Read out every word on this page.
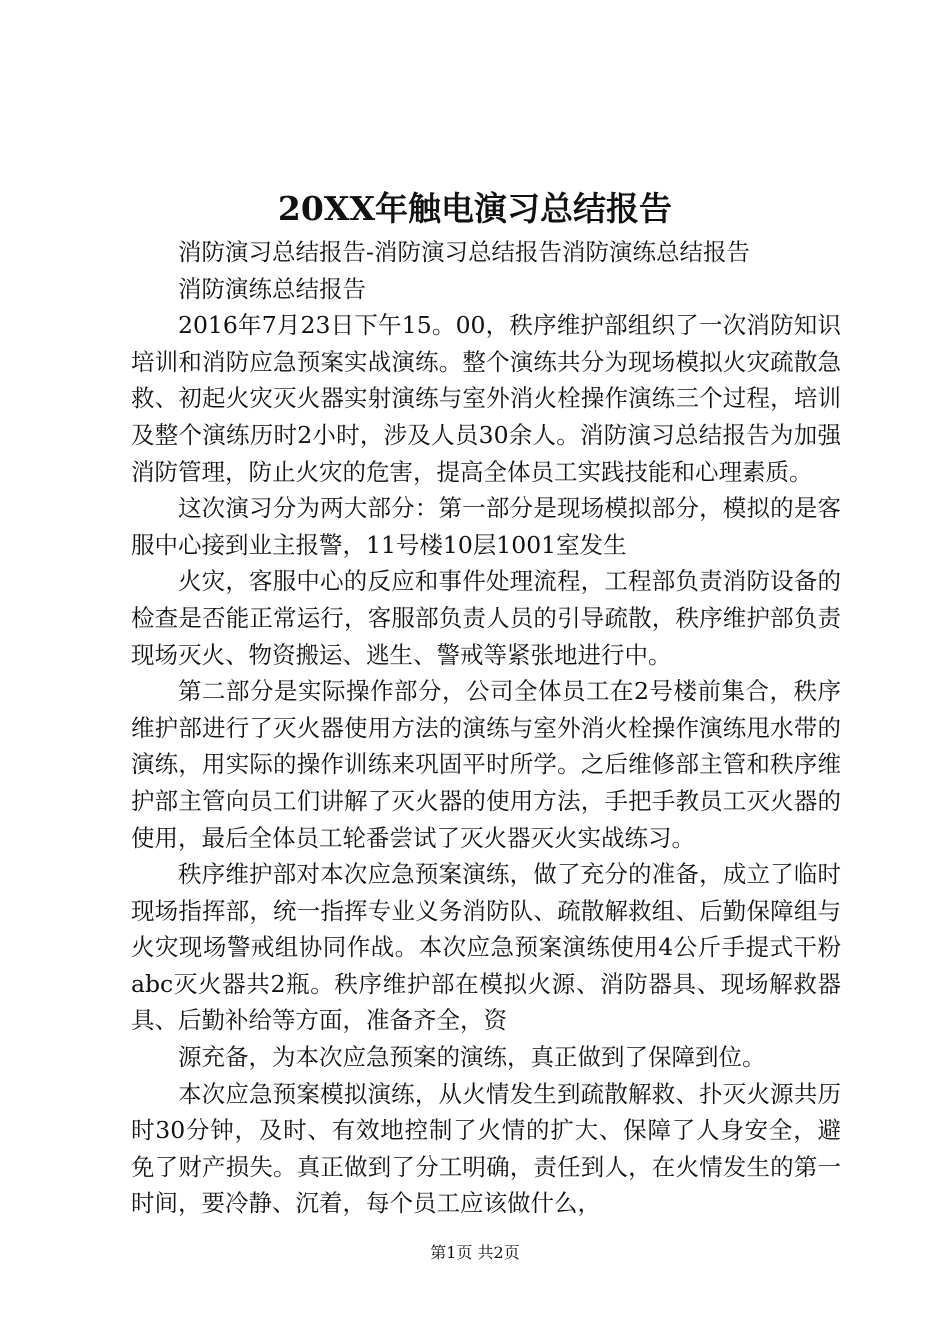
20XX年触电演习总结报告

消防演习总结报告-消防演习总结报告消防演练总结报告

消防演练总结报告

2016年7月23日下午15。00，秩序维护部组织了一次消防知识培训和消防应急预案实战演练。整个演练共分为现场模拟火灾疏散急救、初起火灾灭火器实射演练与室外消火栓操作演练三个过程，培训及整个演练历时2小时，涉及人员30余人。消防演习总结报告为加强消防管理，防止火灾的危害，提高全体员工实践技能和心理素质。

这次演习分为两大部分：第一部分是现场模拟部分，模拟的是客服中心接到业主报警，11号楼10层1001室发生

火灾，客服中心的反应和事件处理流程，工程部负责消防设备的检查是否能正常运行，客服部负责人员的引导疏散，秩序维护部负责现场灭火、物资搬运、逃生、警戒等紧张地进行中。

第二部分是实际操作部分，公司全体员工在2号楼前集合，秩序维护部进行了灭火器使用方法的演练与室外消火栓操作演练甩水带的演练，用实际的操作训练来巩固平时所学。之后维修部主管和秩序维护部主管向员工们讲解了灭火器的使用方法，手把手教员工灭火器的使用，最后全体员工轮番尝试了灭火器灭火实战练习。

秩序维护部对本次应急预案演练，做了充分的准备，成立了临时现场指挥部，统一指挥专业义务消防队、疏散解救组、后勤保障组与火灾现场警戒组协同作战。本次应急预案演练使用4公斤手提式干粉abc灭火器共2瓶。秩序维护部在模拟火源、消防器具、现场解救器具、后勤补给等方面，准备齐全，资

源充备，为本次应急预案的演练，真正做到了保障到位。

本次应急预案模拟演练，从火情发生到疏散解救、扑灭火源共历时30分钟，及时、有效地控制了火情的扩大、保障了人身安全，避免了财产损失。真正做到了分工明确，责任到人，在火情发生的第一时间，要冷静、沉着，每个员工应该做什么，

第1页 共2页
